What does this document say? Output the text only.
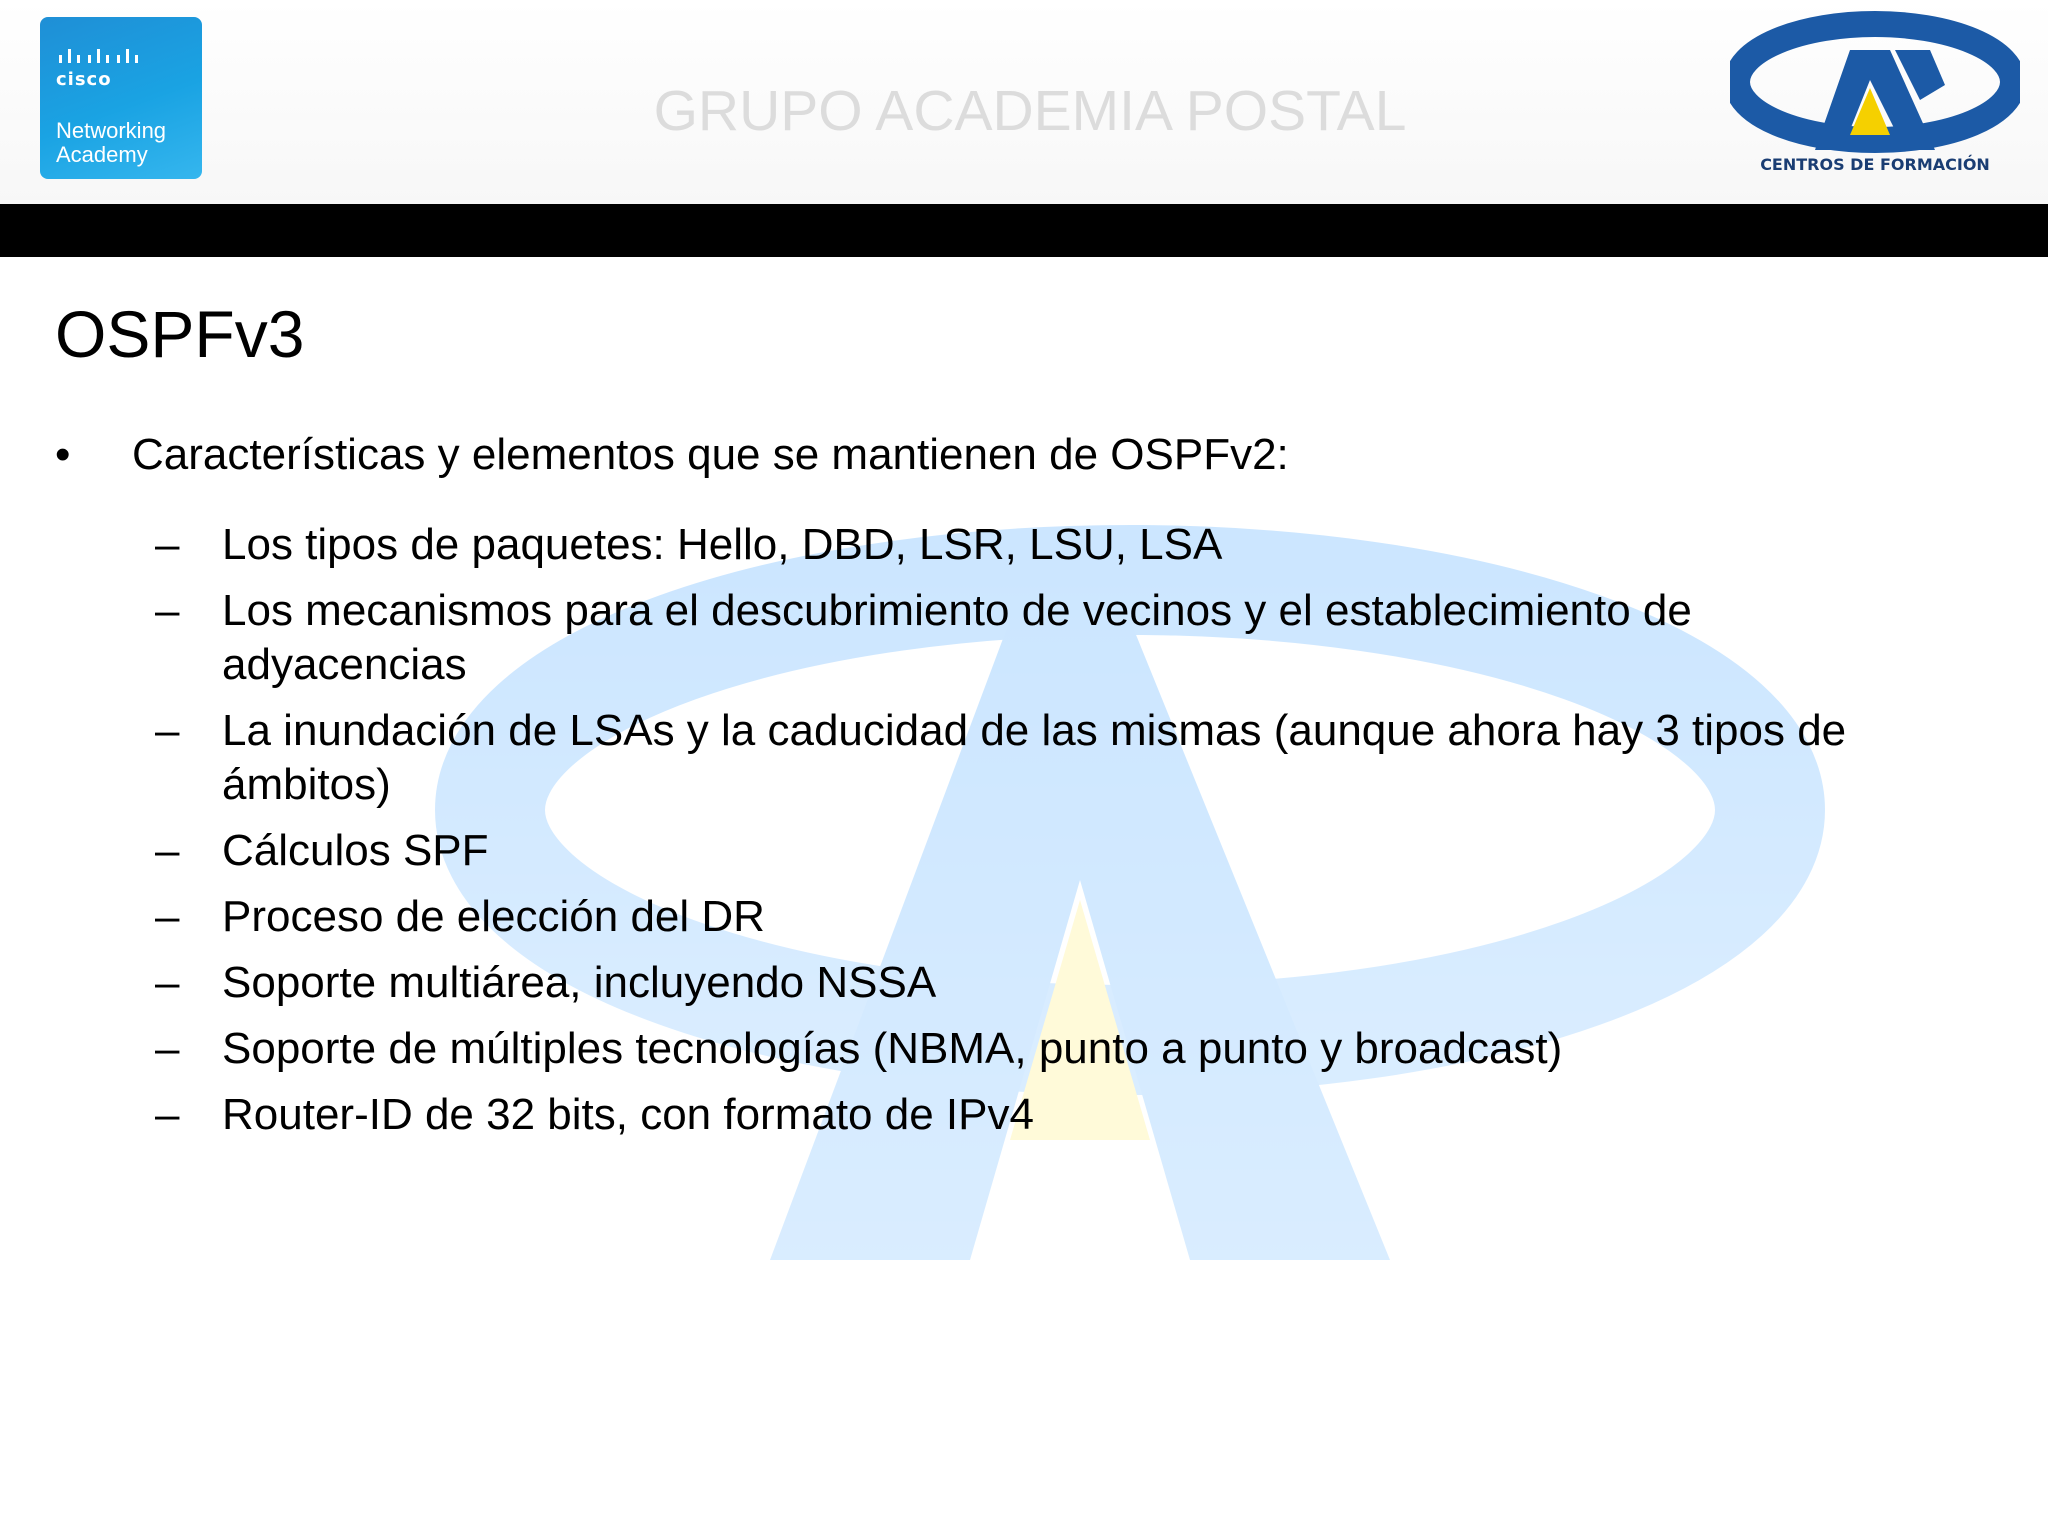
cisco
Networking
Academy
GRUPO ACADEMIA POSTAL
CENTROS DE FORMACIÓN
OSPFv3
• Características y elementos que se mantienen de OSPFv2:
– Los tipos de paquetes: Hello, DBD, LSR, LSU, LSA
– Los mecanismos para el descubrimiento de vecinos y el establecimiento de
adyacencias
– La inundación de LSAs y la caducidad de las mismas (aunque ahora hay 3 tipos de
ámbitos)
– Cálculos SPF
– Proceso de elección del DR
– Soporte multiárea, incluyendo NSSA
– Soporte de múltiples tecnologías (NBMA, punto a punto y broadcast)
– Router-ID de 32 bits, con formato de IPv4
